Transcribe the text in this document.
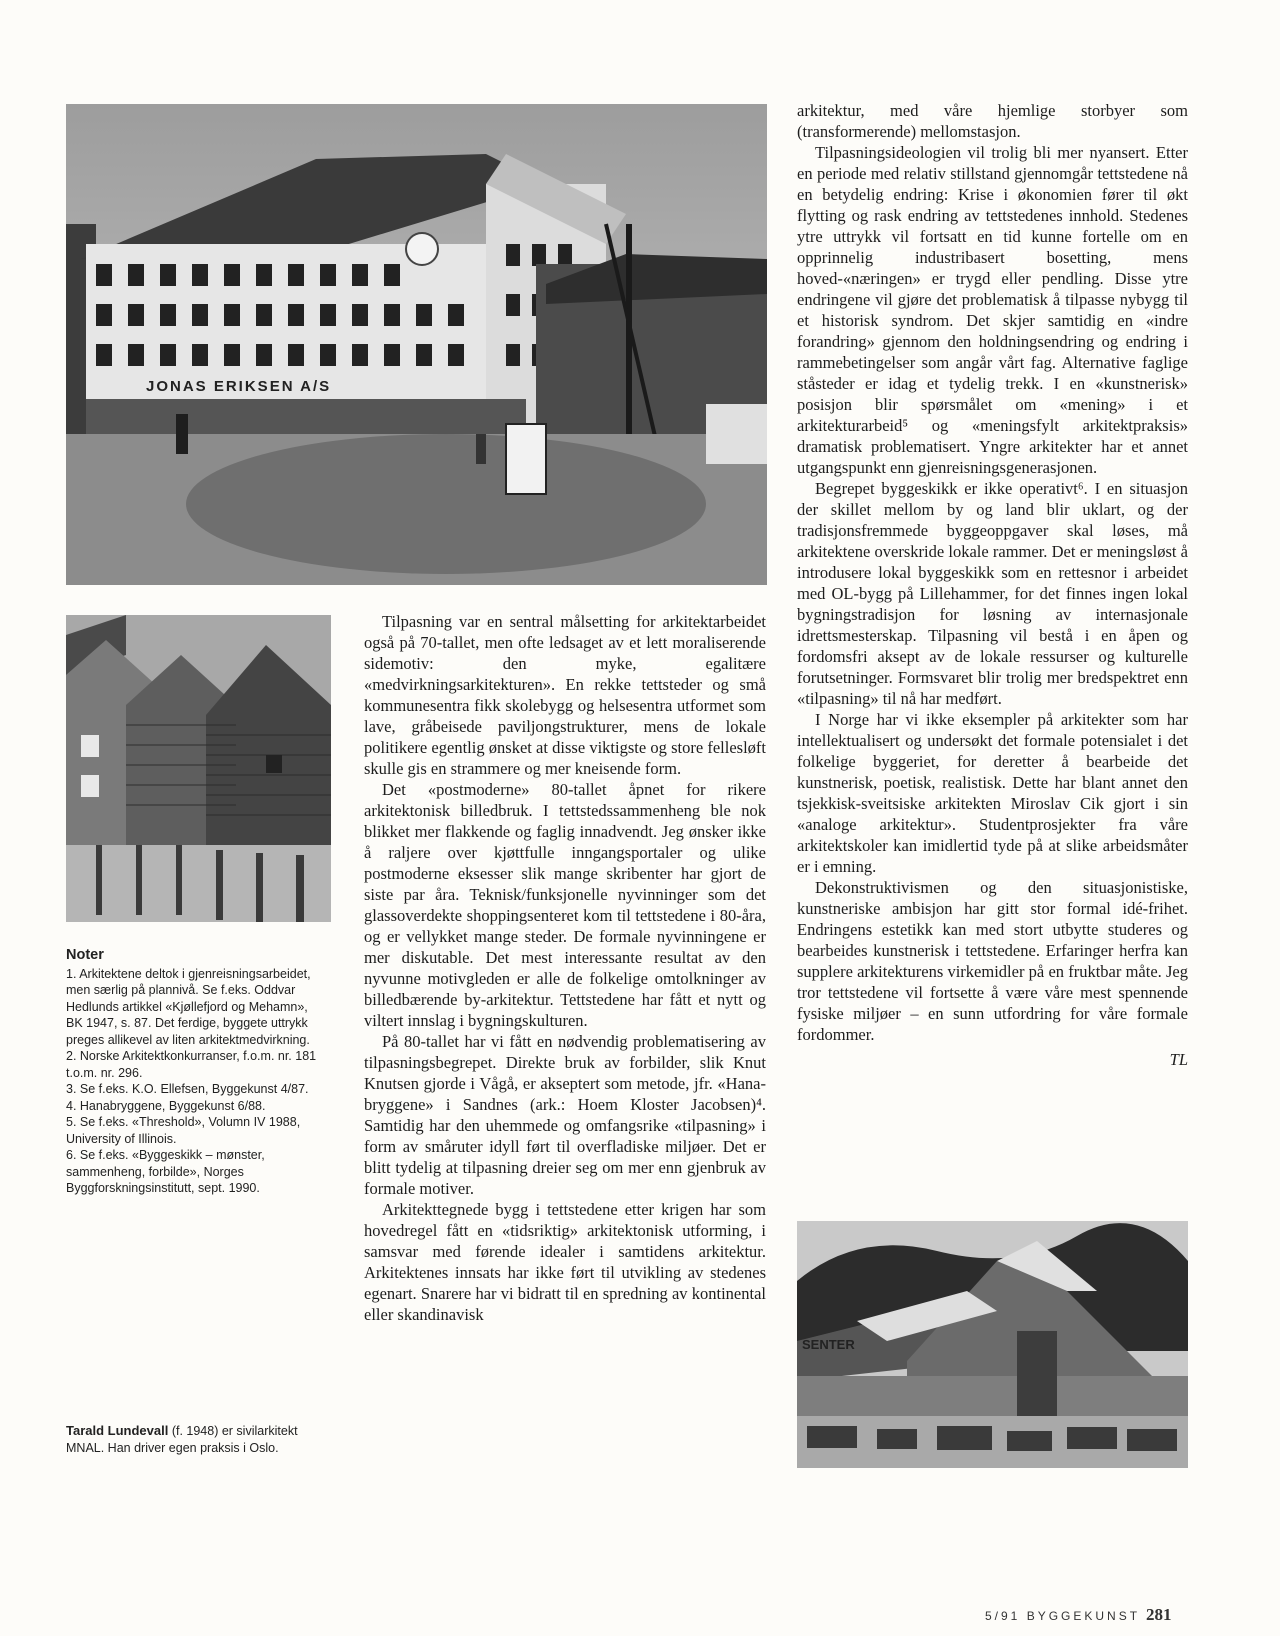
JONAS ERIKSEN A/S
SENTER

arkitektur, med våre hjemlige storbyer som (transformerende) mellomstasjon.

Tilpasningsideologien vil trolig bli mer nyansert. Etter en periode med relativ stillstand gjennomgår tettstedene nå en betydelig endring: Krise i økonomien fører til økt flytting og rask endring av tettstedenes innhold. Stedenes ytre uttrykk vil fortsatt en tid kunne fortelle om en opprinnelig industribasert bosetting, mens hoved-«næringen» er trygd eller pendling. Disse ytre endringene vil gjøre det problematisk å tilpasse nybygg til et historisk syndrom. Det skjer samtidig en «indre forandring» gjennom den holdningsendring og endring i rammebetingelser som angår vårt fag. Alternative faglige ståsteder er idag et tydelig trekk. I en «kunstnerisk» posisjon blir spørsmålet om «mening» i et arkitekturarbeid⁵ og «meningsfylt arkitektpraksis» dramatisk problematisert. Yngre arkitekter har et annet utgangspunkt enn gjenreisningsgenerasjonen.

Begrepet byggeskikk er ikke operativt⁶. I en situasjon der skillet mellom by og land blir uklart, og der tradisjonsfremmede byggeoppgaver skal løses, må arkitektene overskride lokale rammer. Det er meningsløst å introdusere lokal byggeskikk som en rettesnor i arbeidet med OL-bygg på Lillehammer, for det finnes ingen lokal bygningstradisjon for løsning av internasjonale idrettsmesterskap. Tilpasning vil bestå i en åpen og fordomsfri aksept av de lokale ressurser og kulturelle forutsetninger. Formsvaret blir trolig mer bredspektret enn «tilpasning» til nå har medført.

I Norge har vi ikke eksempler på arkitekter som har intellektualisert og undersøkt det formale potensialet i det folkelige byggeriet, for deretter å bearbeide det kunstnerisk, poetisk, realistisk. Dette har blant annet den tsjekkisk-sveitsiske arkitekten Miroslav Cik gjort i sin «analoge arkitektur». Studentprosjekter fra våre arkitektskoler kan imidlertid tyde på at slike arbeidsmåter er i emning.

Dekonstruktivismen og den situasjonistiske, kunstneriske ambisjon har gitt stor formal idé-frihet. Endringens estetikk kan med stort utbytte studeres og bearbeides kunstnerisk i tettstedene. Erfaringer herfra kan supplere arkitekturens virkemidler på en fruktbar måte. Jeg tror tettstedene vil fortsette å være våre mest spennende fysiske miljøer – en sunn utfordring for våre formale fordommer.

TL

Tilpasning var en sentral målsetting for arkitektarbeidet også på 70-tallet, men ofte ledsaget av et lett moraliserende sidemotiv: den myke, egalitære «medvirkningsarkitekturen». En rekke tettsteder og små kommunesentra fikk skolebygg og helsesentra utformet som lave, gråbeisede paviljongstrukturer, mens de lokale politikere egentlig ønsket at disse viktigste og store fellesløft skulle gis en strammere og mer kneisende form.

Det «postmoderne» 80-tallet åpnet for rikere arkitektonisk billedbruk. I tettstedssammenheng ble nok blikket mer flakkende og faglig innadvendt. Jeg ønsker ikke å raljere over kjøttfulle inngangsportaler og ulike postmoderne eksesser slik mange skribenter har gjort de siste par åra. Teknisk/funksjonelle nyvinninger som det glassoverdekte shoppingsenteret kom til tettstedene i 80-åra, og er vellykket mange steder. De formale nyvinningene er mer diskutable. Det mest interessante resultat av den nyvunne motivgleden er alle de folkelige omtolkninger av billedbærende by-arkitektur. Tettstedene har fått et nytt og viltert innslag i bygningskulturen.

På 80-tallet har vi fått en nødvendig problematisering av tilpasningsbegrepet. Direkte bruk av forbilder, slik Knut Knutsen gjorde i Vågå, er akseptert som metode, jfr. «Hana-bryggene» i Sandnes (ark.: Hoem Kloster Jacobsen)⁴. Samtidig har den uhemmede og omfangsrike «tilpasning» i form av småruter idyll ført til overfladiske miljøer. Det er blitt tydelig at tilpasning dreier seg om mer enn gjenbruk av formale motiver.

Arkitekttegnede bygg i tettstedene etter krigen har som hovedregel fått en «tidsriktig» arkitektonisk utforming, i samsvar med førende idealer i samtidens arkitektur. Arkitektenes innsats har ikke ført til utvikling av stedenes egenart. Snarere har vi bidratt til en spredning av kontinental eller skandinavisk

Noter

1. Arkitektene deltok i gjenreisningsarbeidet, men særlig på plannivå. Se f.eks. Oddvar Hedlunds artikkel «Kjøllefjord og Mehamn», BK 1947, s. 87. Det ferdige, byggete uttrykk preges allikevel av liten arkitektmedvirkning.

2. Norske Arkitektkonkurranser, f.o.m. nr. 181 t.o.m. nr. 296.

3. Se f.eks. K.O. Ellefsen, Byggekunst 4/87.

4. Hanabryggene, Byggekunst 6/88.

5. Se f.eks. «Threshold», Volumn IV 1988, University of Illinois.

6. Se f.eks. «Byggeskikk – mønster, sammenheng, forbilde», Norges Byggforskningsinstitutt, sept. 1990.

Tarald Lundevall (f. 1948) er sivilarkitekt MNAL. Han driver egen praksis i Oslo.
5/91 BYGGEKUNST 281
